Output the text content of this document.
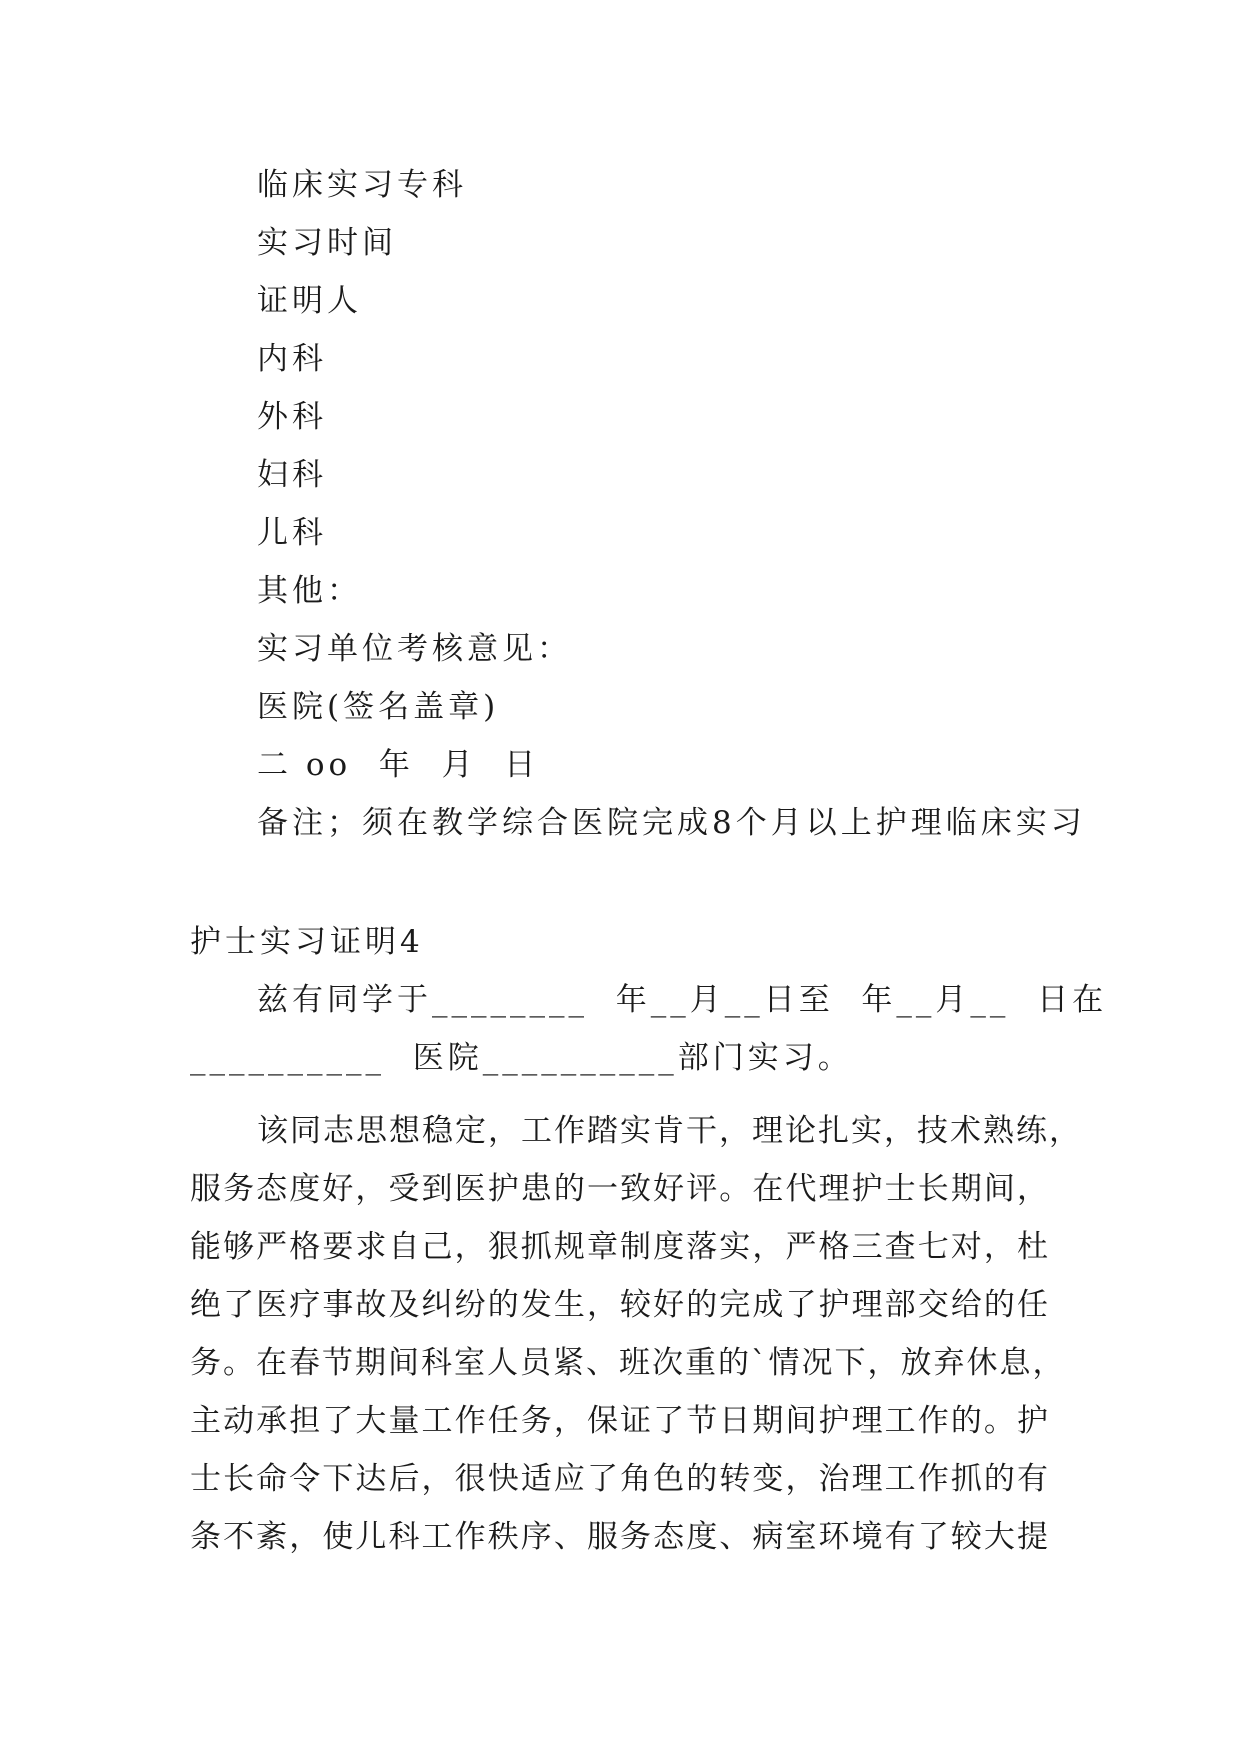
临床实习专科
实习时间
证明人
内科
外科
妇科
儿科
其他：
实习单位考核意见：
医院(签名盖章)
二 oo  年  月  日
备注；须在教学综合医院完成8个月以上护理临床实习
护士实习证明4
兹有同学于________  年__月__日至  年__月__  日在
__________  医院__________部门实习。
该同志思想稳定，工作踏实肯干，理论扎实，技术熟练，
服务态度好，受到医护患的一致好评。在代理护士长期间，
能够严格要求自己，狠抓规章制度落实，严格三查七对，杜
绝了医疗事故及纠纷的发生，较好的完成了护理部交给的任
务。在春节期间科室人员紧、班次重的`情况下，放弃休息，
主动承担了大量工作任务，保证了节日期间护理工作的。护
士长命令下达后，很快适应了角色的转变，治理工作抓的有
条不紊，使儿科工作秩序、服务态度、病室环境有了较大提
